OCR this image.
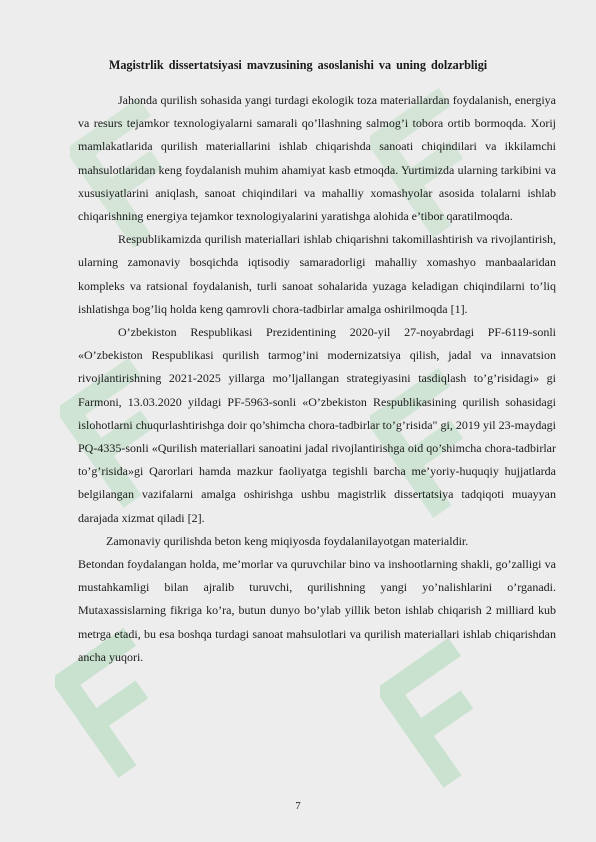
Magistrlik dissertatsiyasi mavzusining asoslanishi va uning dolzarbligi

Jahonda qurilish sohasida yangi turdagi ekologik toza materiallardan foydalanish, energiya va resurs tejamkor texnologiyalarni samarali qo’llashning salmog’i tobora ortib bormoqda. Xorij mamlakatlarida qurilish materiallarini ishlab chiqarishda sanoati chiqindilari va ikkilamchi mahsulotlaridan keng foydalanish muhim ahamiyat kasb etmoqda. Yurtimizda ularning tarkibini va xususiyatlarini aniqlash, sanoat chiqindilari va mahalliy xomashyolar asosida tolalarni ishlab chiqarishning energiya tejamkor texnologiyalarini yaratishga alohida e’tibor qaratilmoqda.

Respublikamizda qurilish materiallari ishlab chiqarishni takomillashtirish va rivojlantirish, ularning zamonaviy bosqichda iqtisodiy samaradorligi mahalliy xomashyo manbaalaridan kompleks va ratsional foydalanish, turli sanoat sohalarida yuzaga keladigan chiqindilarni to’liq ishlatishga bog’liq holda keng qamrovli chora-tadbirlar amalga oshirilmoqda [1].

O’zbekiston Respublikasi Prezidentining 2020-yil 27-noyabrdagi PF-6119-sonli «O’zbekiston Respublikasi qurilish tarmog’ini modernizatsiya qilish, jadal va innavatsion rivojlantirishning 2021-2025 yillarga mo’ljallangan strategiyasini tasdiqlash to’g’risidagi» gi Farmoni, 13.03.2020 yildagi PF-5963-sonli «O’zbekiston Respublikasining qurilish sohasidagi islohotlarni chuqurlashtirishga doir qo’shimcha chora-tadbirlar to’g’risida" gi, 2019 yil 23-maydagi PQ-4335-sonli «Qurilish materiallari sanoatini jadal rivojlantirishga oid qo’shimcha chora-tadbirlar to’g’risida»gi Qarorlari hamda mazkur faoliyatga tegishli barcha me’yoriy-huquqiy hujjatlarda belgilangan vazifalarni amalga oshirishga ushbu magistrlik dissertatsiya tadqiqoti muayyan darajada xizmat qiladi [2].

Zamonaviy qurilishda beton keng miqiyosda foydalanilayotgan materialdir.

Betondan foydalangan holda, me’morlar va quruvchilar bino va inshootlarning shakli, go’zalligi va mustahkamligi bilan ajralib turuvchi, qurilishning yangi yo’nalishlarini o’rganadi. Mutaxassislarning fikriga ko’ra, butun dunyo bo’ylab yillik beton ishlab chiqarish 2 milliard kub metrga etadi, bu esa boshqa turdagi sanoat mahsulotlari va qurilish materiallari ishlab chiqarishdan ancha yuqori.

7
